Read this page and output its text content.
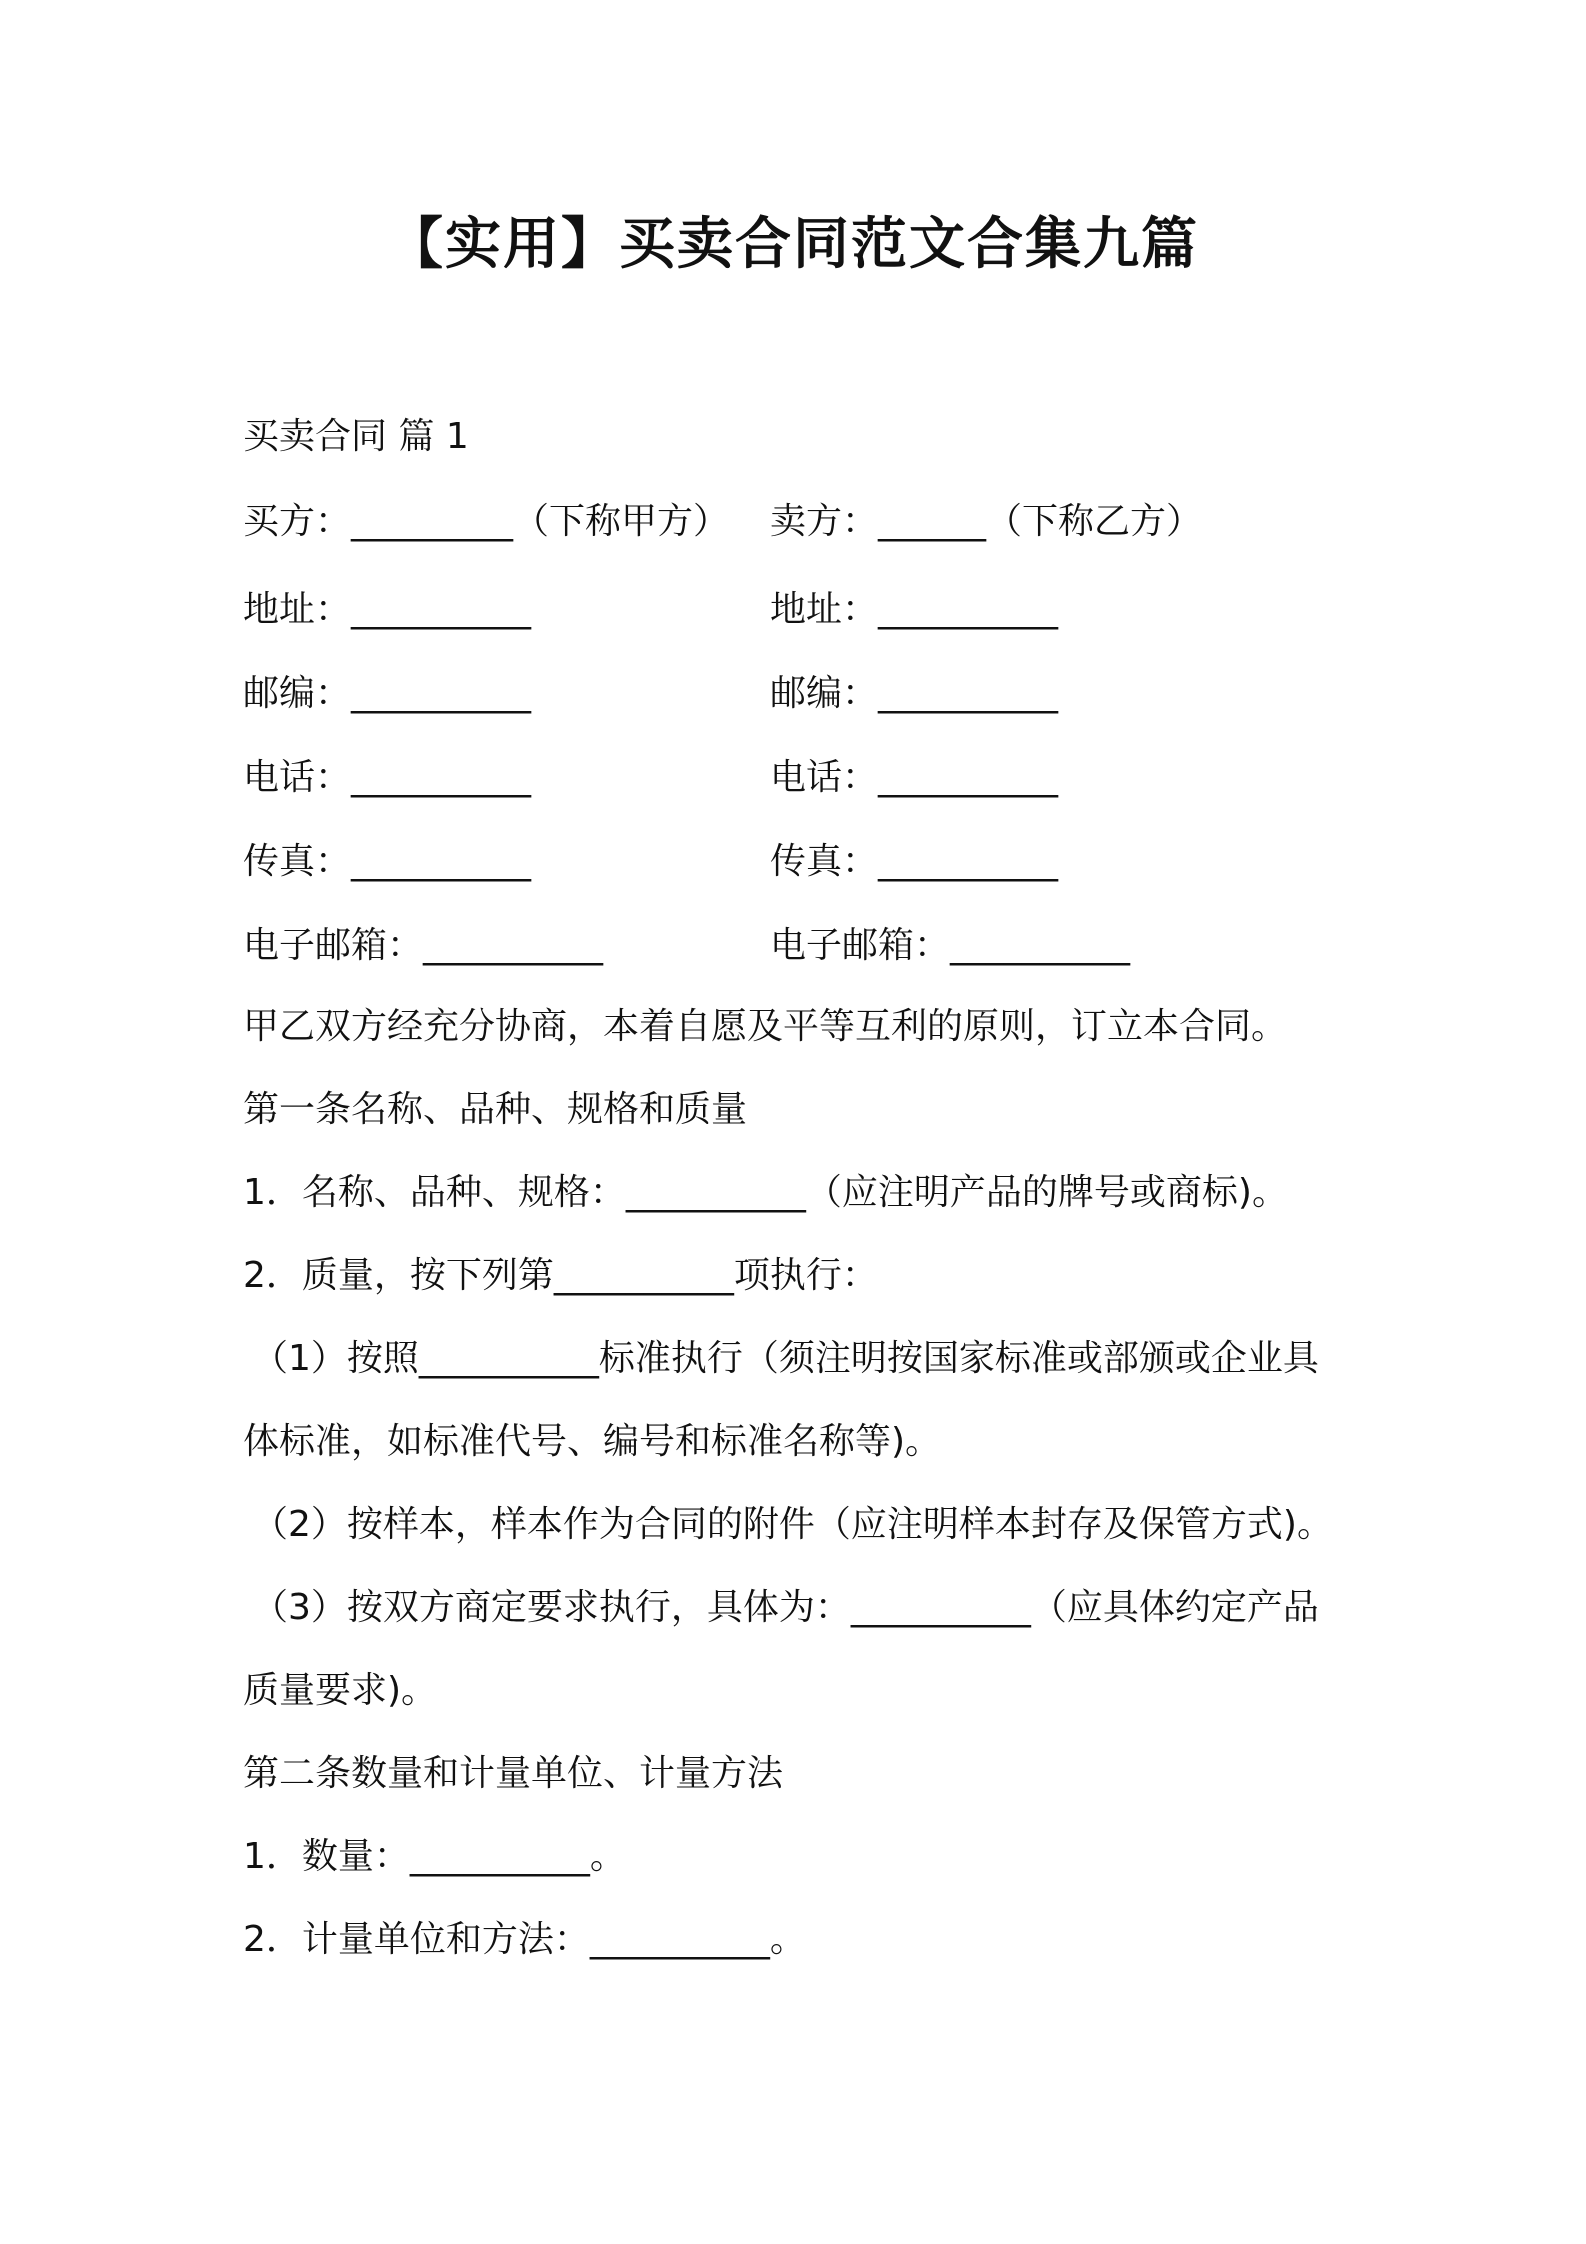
【实用】买卖合同范文合集九篇
买卖合同 篇 1
买方：_________（下称甲方） 卖方：______（下称乙方）
地址：__________	地址：__________
邮编：__________	邮编：__________
电话：__________	电话：__________
传真：__________	传真：__________
电子邮箱：__________	电子邮箱：__________
甲乙双方经充分协商，本着自愿及平等互利的原则，订立本合同。
第一条名称、品种、规格和质量
1．名称、品种、规格：__________（应注明产品的牌号或商标)。
2．质量，按下列第__________项执行：
（1）按照__________标准执行（须注明按国家标准或部颁或企业具
体标准，如标准代号、编号和标准名称等)。
（2）按样本，样本作为合同的附件（应注明样本封存及保管方式)。
（3）按双方商定要求执行，具体为：__________（应具体约定产品
质量要求)。
第二条数量和计量单位、计量方法
1．数量：__________。
2．计量单位和方法：__________。
